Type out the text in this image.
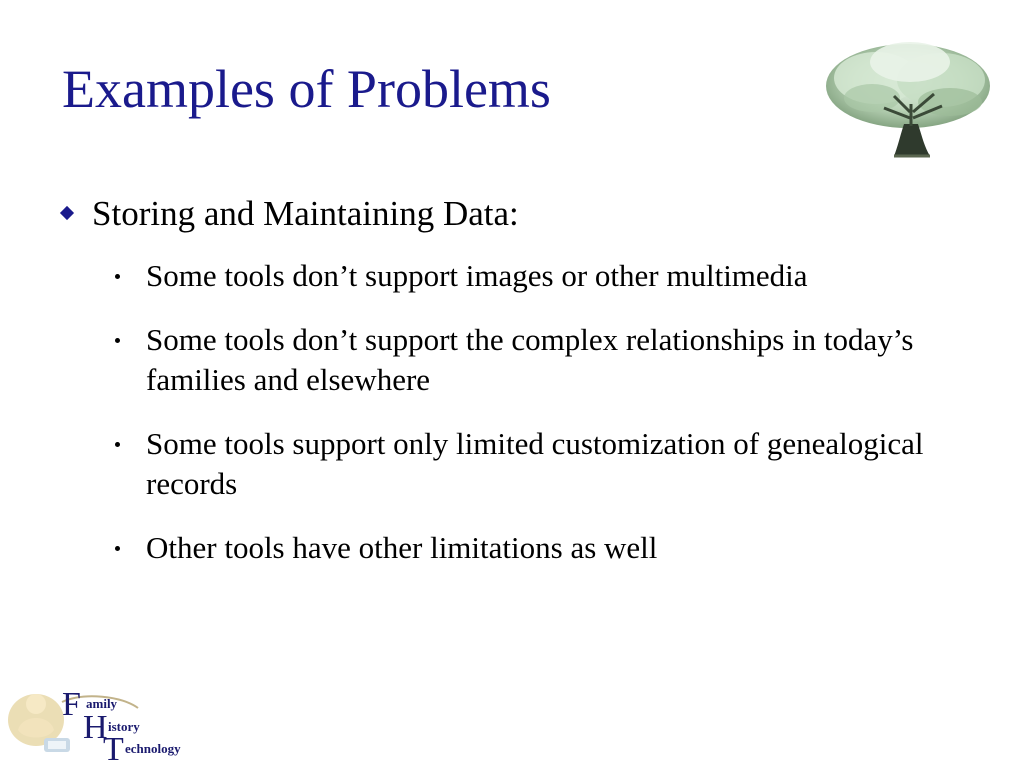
Examples of Problems
Storing and Maintaining Data:
Some tools don’t support images or other multimedia
Some tools don’t support the complex relationships in today’s families and elsewhere
Some tools support only limited customization of genealogical records
Other tools have other limitations as well
F amily
H istory
T echnology
